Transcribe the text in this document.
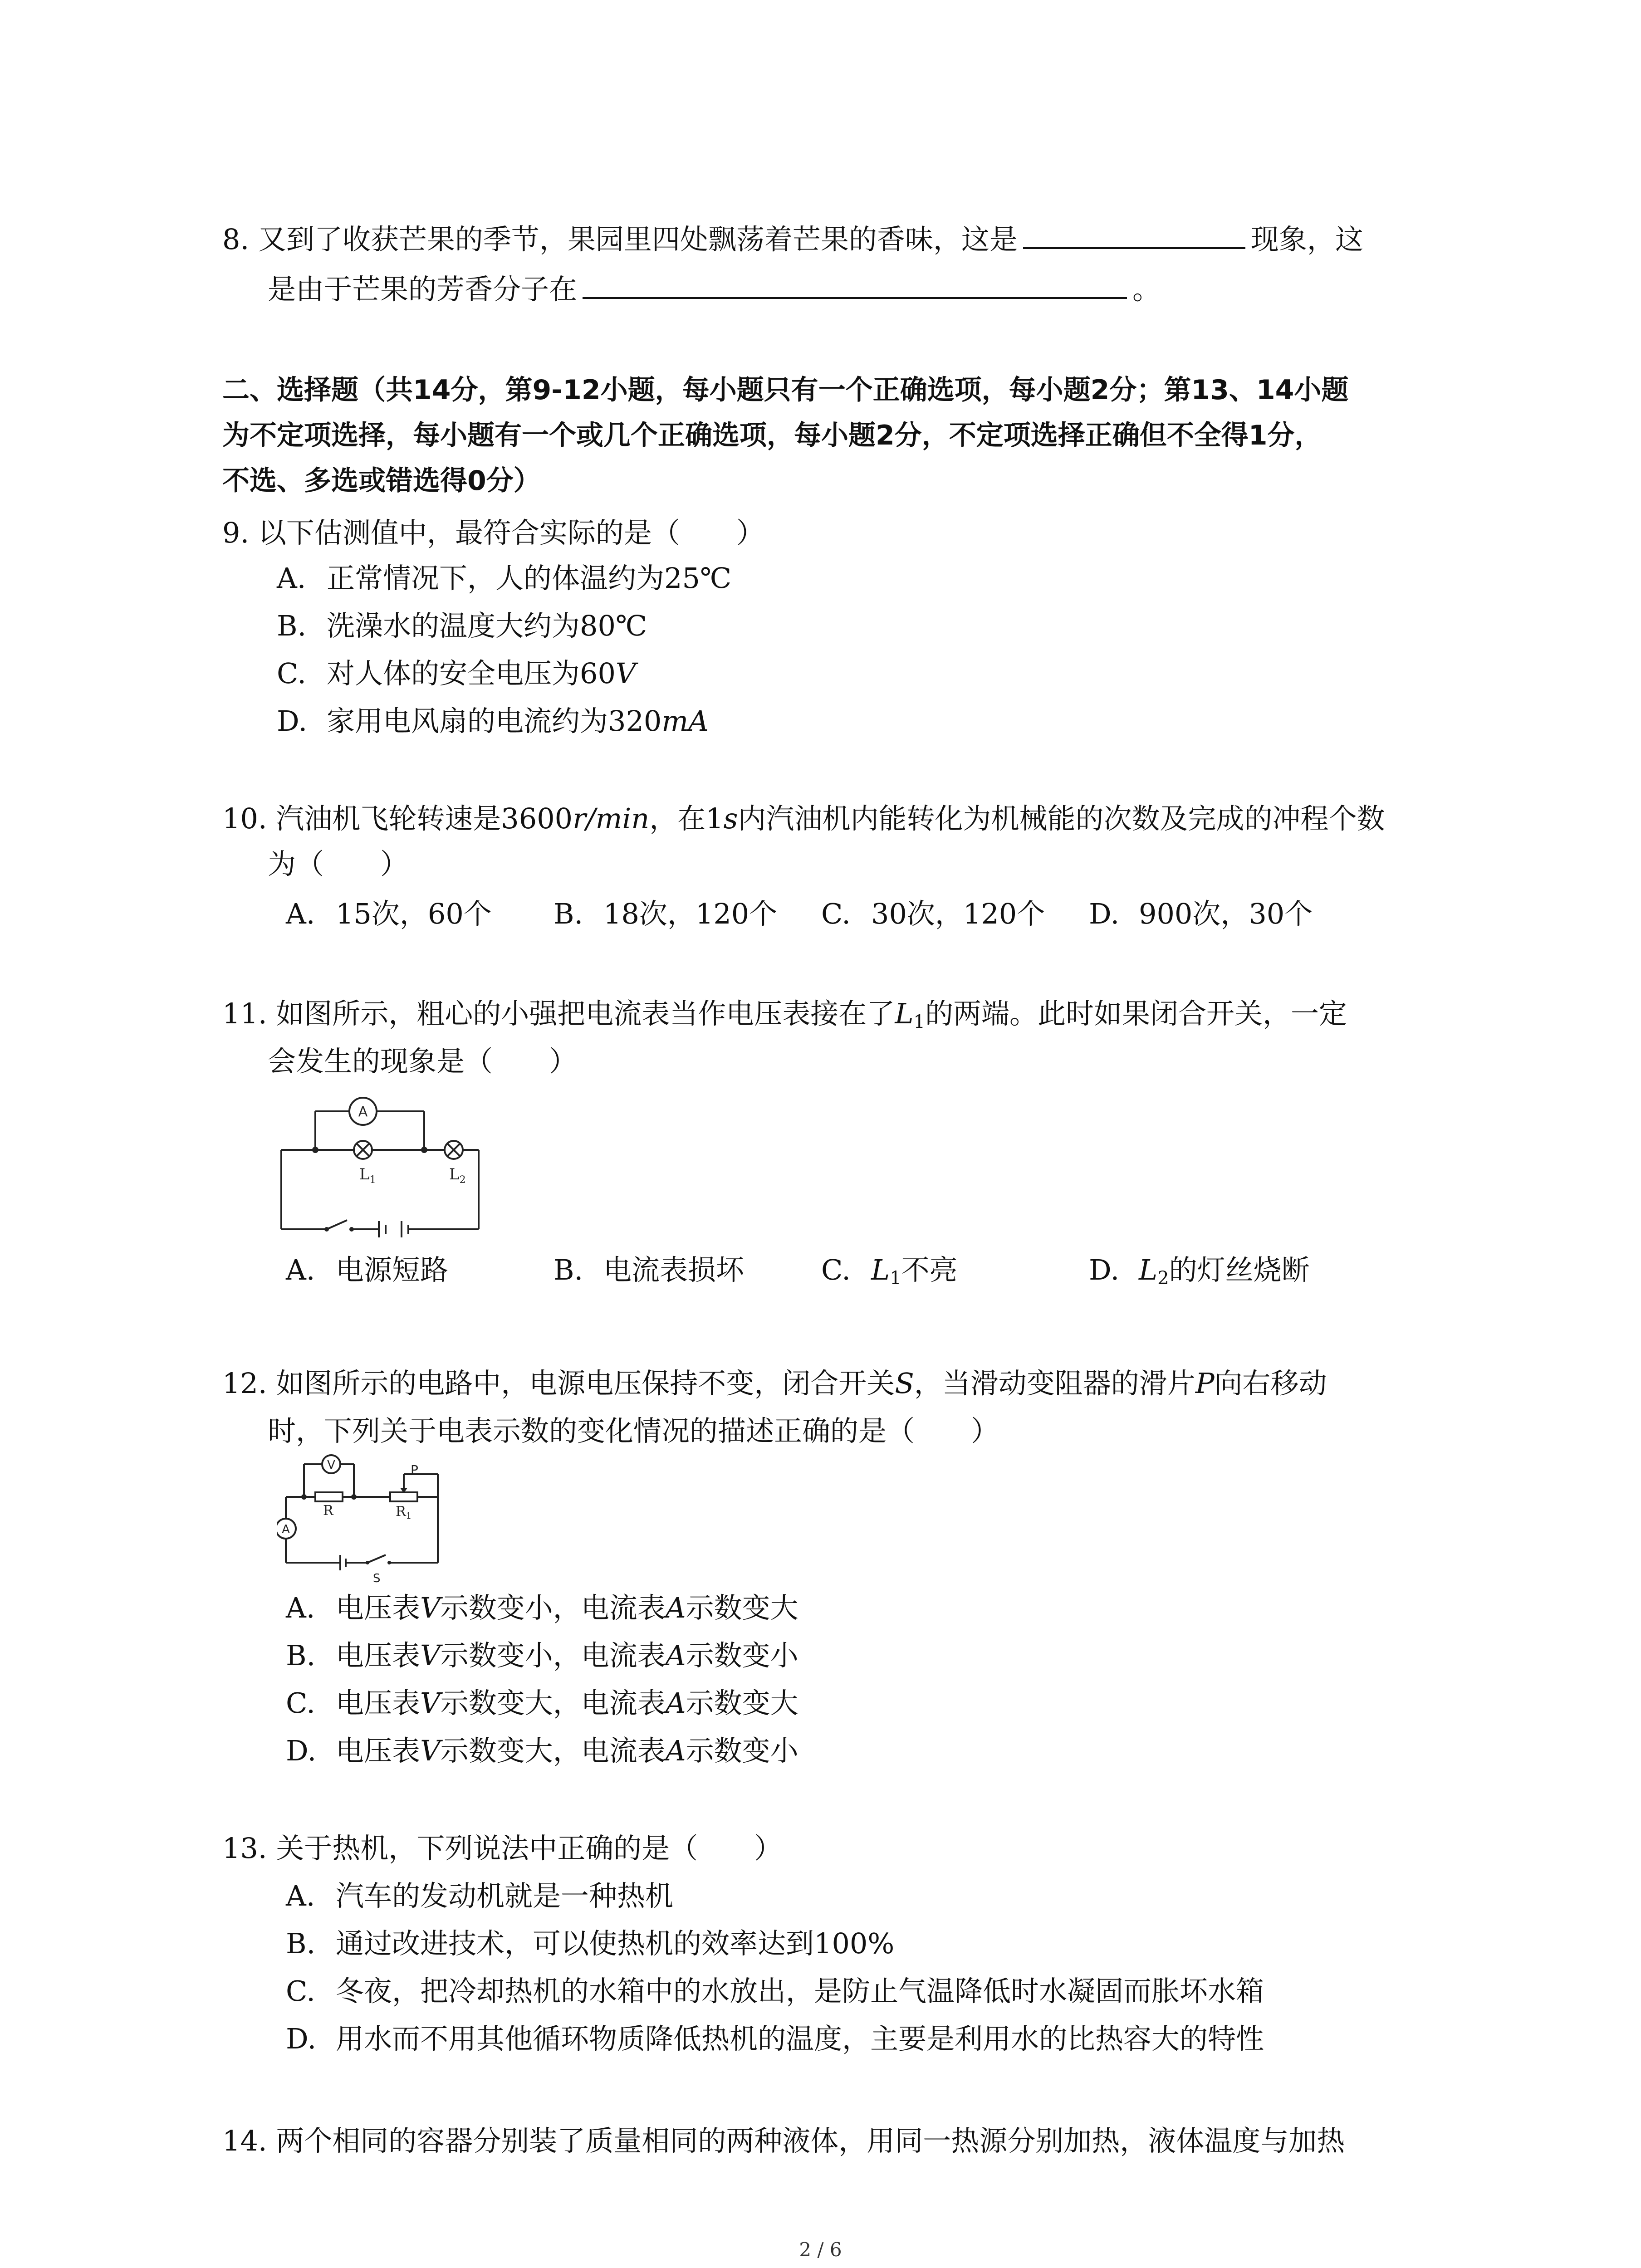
8. 又到了收获芒果的季节，果园里四处飘荡着芒果的香味，这是	现象，这
是由于芒果的芳香分子在	。
二、选择题（共14分，第9-12小题，每小题只有一个正确选项，每小题2分；第13、14小题
为不定项选择，每小题有一个或几个正确选项，每小题2分，不定项选择正确但不全得1分，
不选、多选或错选得0分）
9. 以下估测值中，最符合实际的是（　　）
A. 正常情况下，人的体温约为25℃
B. 洗澡水的温度大约为80℃
C. 对人体的安全电压为60V
D. 家用电风扇的电流约为320mA
10. 汽油机飞轮转速是3600r/min，在1s内汽油机内能转化为机械能的次数及完成的冲程个数
为（　　）
A. 15次，60个 B. 18次，120个 C. 30次，120个 D. 900次，30个
11. 如图所示，粗心的小强把电流表当作电压表接在了$L_1$的两端。此时如果闭合开关，一定
会发生的现象是（　　）
A
$L_1$	$L_2$
A. 电源短路	B. 电流表损坏	C. $L_1$不亮	D. $L_2$的灯丝烧断
12. 如图所示的电路中，电源电压保持不变，闭合开关S，当滑动变阻器的滑片P向右移动
时，下列关于电表示数的变化情况的描述正确的是（　　）
V
A
R	$R_1$
P
S
A. 电压表V示数变小，电流表A示数变大
B. 电压表V示数变小，电流表A示数变小
C. 电压表V示数变大，电流表A示数变大
D. 电压表V示数变大，电流表A示数变小
13. 关于热机，下列说法中正确的是（　　）
A. 汽车的发动机就是一种热机
B. 通过改进技术，可以使热机的效率达到100%
C. 冬夜，把冷却热机的水箱中的水放出，是防止气温降低时水凝固而胀坏水箱
D. 用水而不用其他循环物质降低热机的温度，主要是利用水的比热容大的特性
14. 两个相同的容器分别装了质量相同的两种液体，用同一热源分别加热，液体温度与加热
2 / 6
